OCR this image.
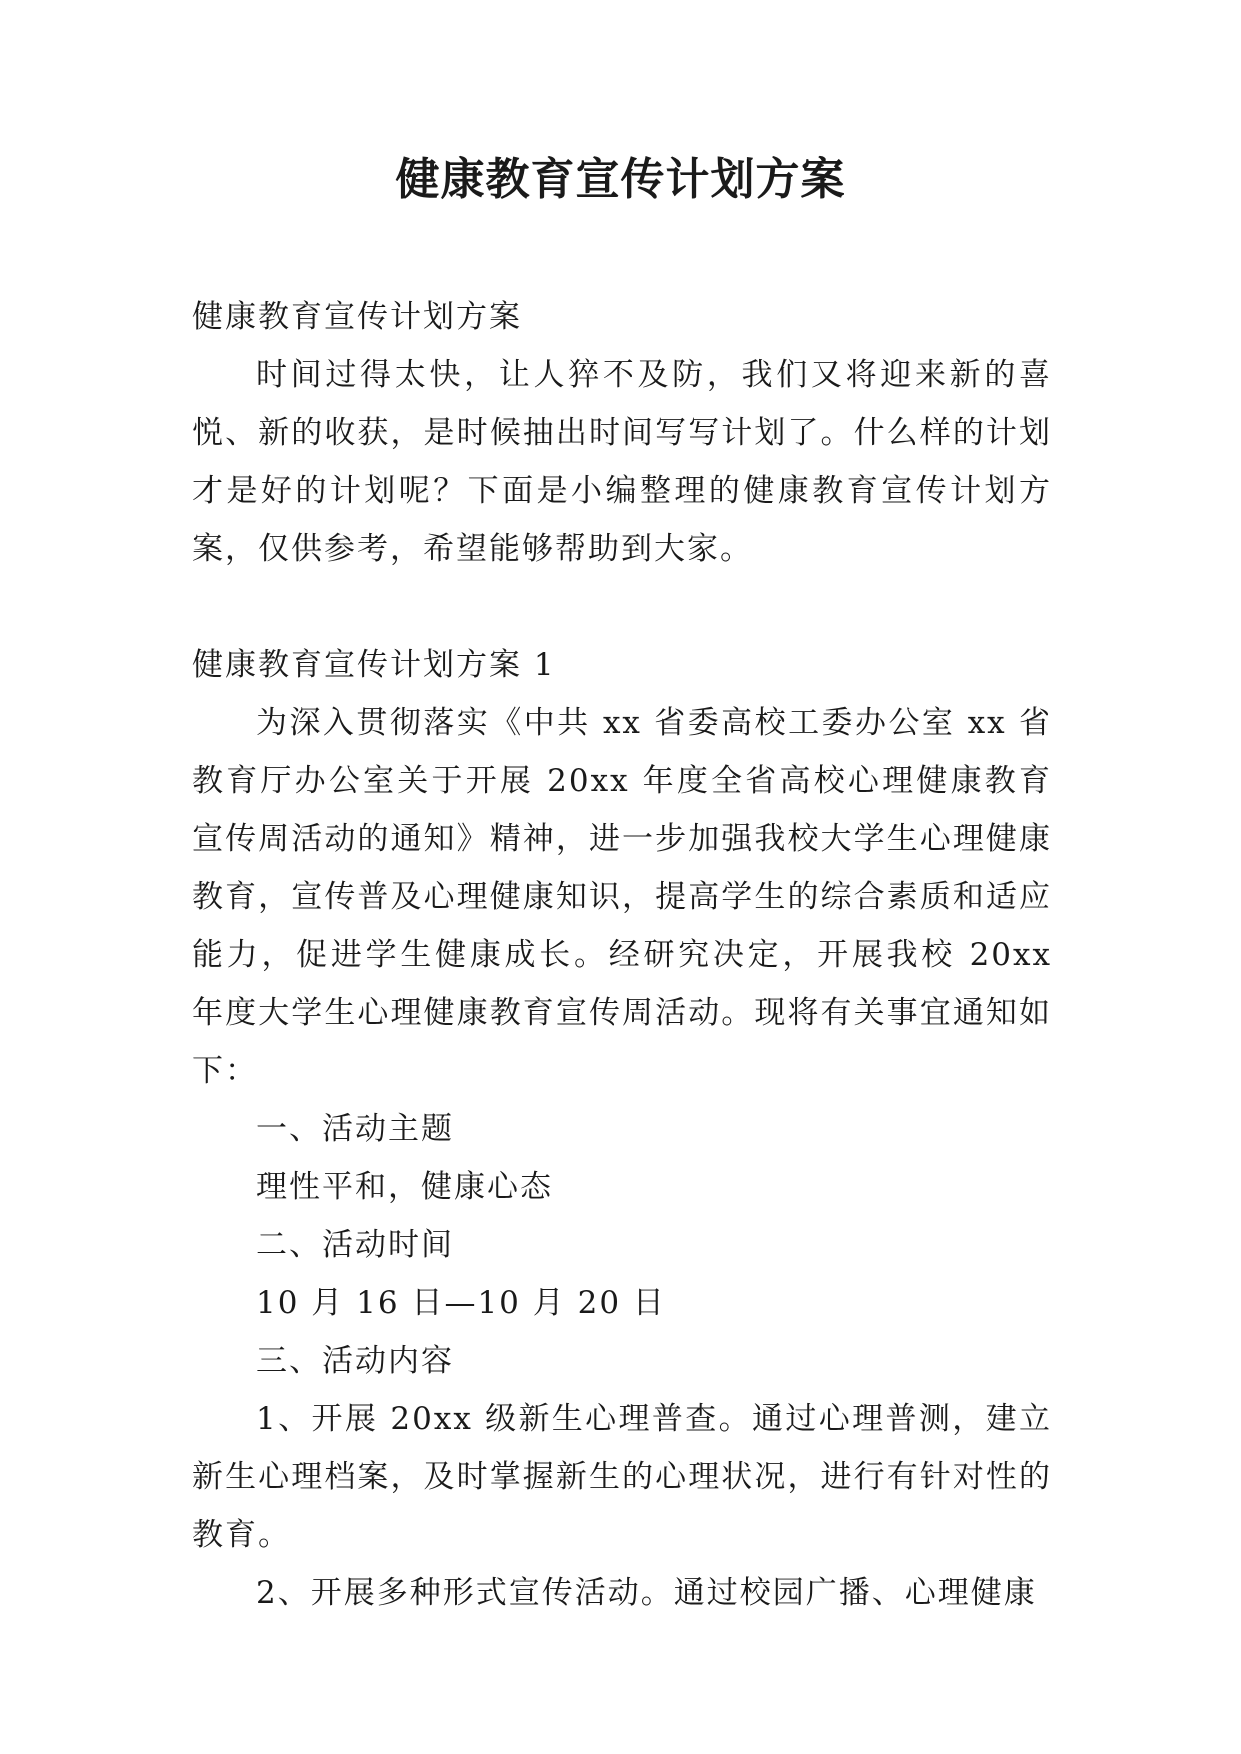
健康教育宣传计划方案

健康教育宣传计划方案

时间过得太快，让人猝不及防，我们又将迎来新的喜悦、新的收获，是时候抽出时间写写计划了。什么样的计划才是好的计划呢？下面是小编整理的健康教育宣传计划方案，仅供参考，希望能够帮助到大家。

健康教育宣传计划方案 1

为深入贯彻落实《中共 xx 省委高校工委办公室 xx 省教育厅办公室关于开展 20xx 年度全省高校心理健康教育宣传周活动的通知》精神，进一步加强我校大学生心理健康教育，宣传普及心理健康知识，提高学生的综合素质和适应能力，促进学生健康成长。经研究决定，开展我校 20xx 年度大学生心理健康教育宣传周活动。现将有关事宜通知如下：

一、活动主题

理性平和，健康心态

二、活动时间

10 月 16 日—10 月 20 日

三、活动内容

1、开展 20xx 级新生心理普查。通过心理普测，建立新生心理档案，及时掌握新生的心理状况，进行有针对性的教育。

2、开展多种形式宣传活动。通过校园广播、心理健康
